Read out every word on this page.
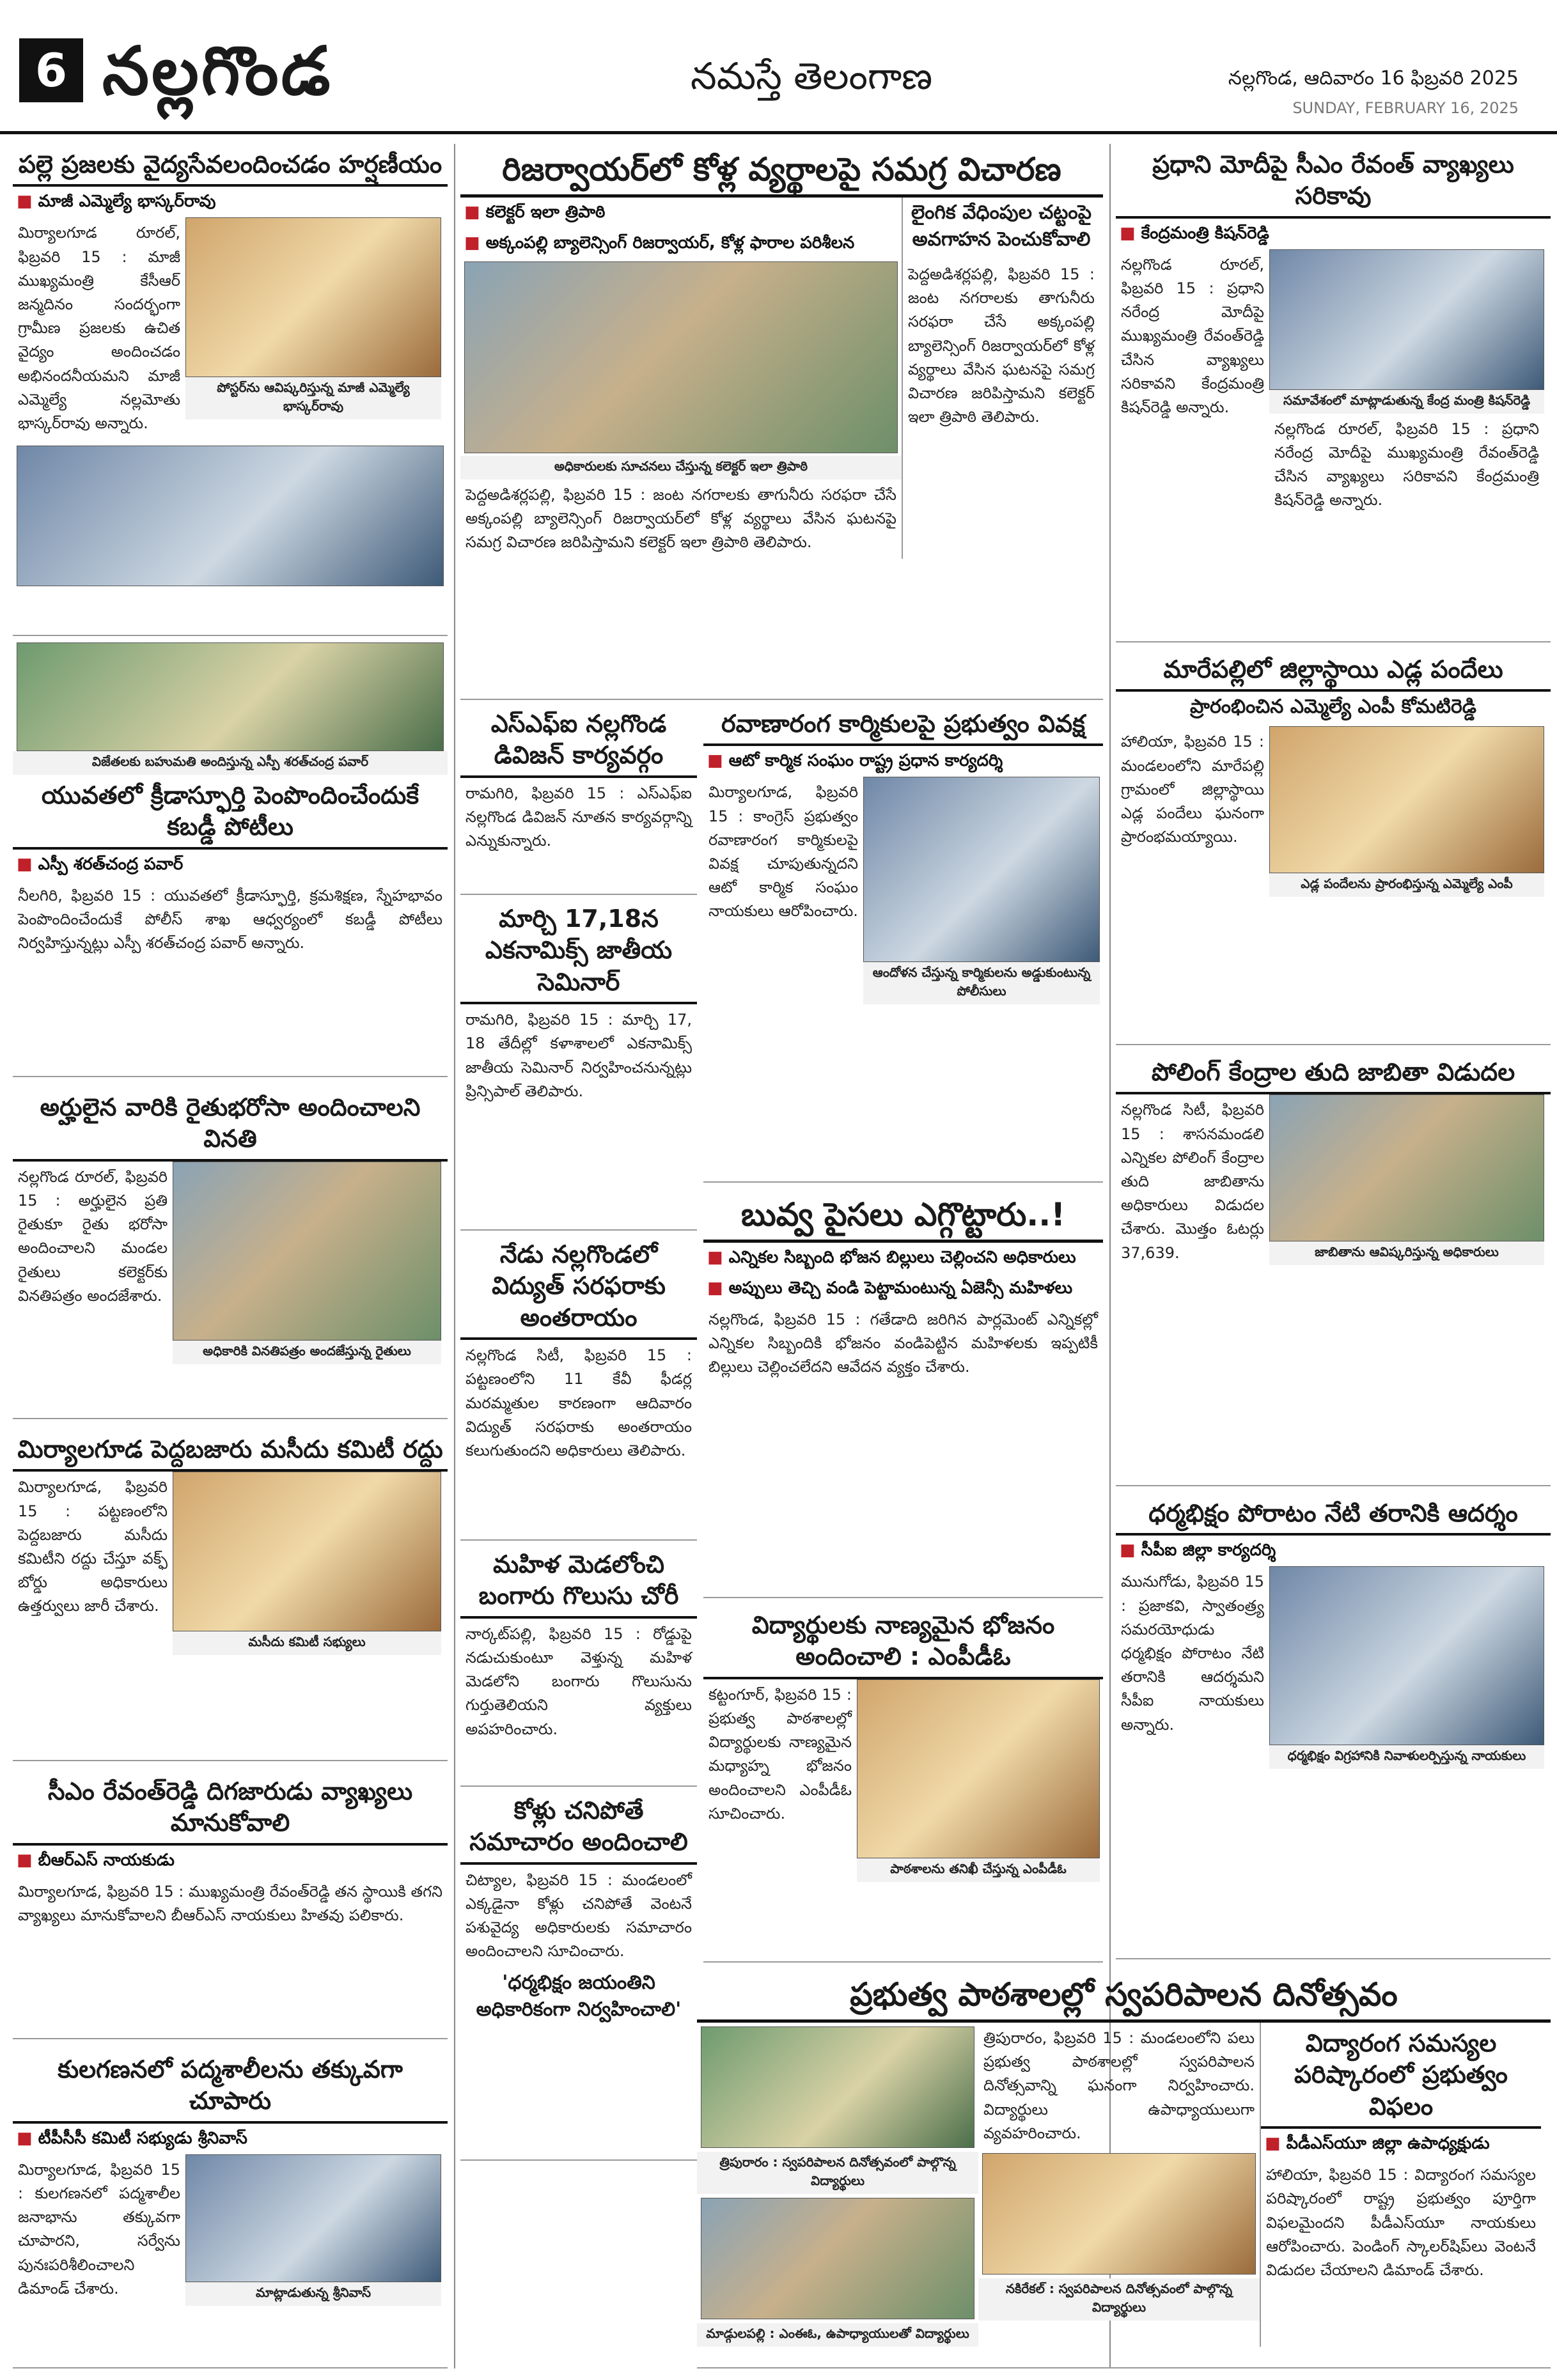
6 నల్లగొండ	నమస్తే తెలంగాణ	నల్లగొండ, ఆదివారం 16 ఫిబ్రవరి 2025
SUNDAY, FEBRUARY 16, 2025
పల్లె ప్రజలకు వైద్యసేవలందించడం హర్షణీయం
■ మాజీ ఎమ్మెల్యే భాస్కర్‌రావు
మిర్యాలగూడ రూరల్, ఫిబ్రవరి 15 : మాజీ ముఖ్యమంత్రి కేసీఆర్ జన్మదినం సందర్భంగా గ్రామీణ ప్రజలకు ఉచిత వైద్యం అందించడం అభినందనీయమని మాజీ ఎమ్మెల్యే నల్లమోతు భాస్కర్‌రావు అన్నారు.
పోస్టర్‌ను ఆవిష్కరిస్తున్న మాజీ ఎమ్మెల్యే భాస్కర్‌రావు
విజేతలకు బహుమతి అందిస్తున్న ఎస్పీ శరత్‌చంద్ర పవార్
యువతలో క్రీడాస్ఫూర్తి పెంపొందించేందుకే కబడ్డీ పోటీలు
■ ఎస్పీ శరత్‌చంద్ర పవార్
నీలగిరి, ఫిబ్రవరి 15 : యువతలో క్రీడాస్ఫూర్తి, క్రమశిక్షణ, స్నేహభావం పెంపొందించేందుకే పోలీస్ శాఖ ఆధ్వర్యంలో కబడ్డీ పోటీలు నిర్వహిస్తున్నట్లు ఎస్పీ శరత్‌చంద్ర పవార్ అన్నారు.
అర్హులైన వారికి రైతుభరోసా అందించాలని వినతి
నల్లగొండ రూరల్, ఫిబ్రవరి 15 : అర్హులైన ప్రతి రైతుకూ రైతు భరోసా అందించాలని మండల రైతులు కలెక్టర్‌కు వినతిపత్రం అందజేశారు.
అధికారికి వినతిపత్రం అందజేస్తున్న రైతులు
మిర్యాలగూడ పెద్దబజారు మసీదు కమిటీ రద్దు
మిర్యాలగూడ, ఫిబ్రవరి 15 : పట్టణంలోని పెద్దబజారు మసీదు కమిటీని రద్దు చేస్తూ వక్ఫ్ బోర్డు అధికారులు ఉత్తర్వులు జారీ చేశారు.
మసీదు కమిటీ సభ్యులు
సీఎం రేవంత్‌రెడ్డి దిగజారుడు వ్యాఖ్యలు మానుకోవాలి
■ బీఆర్‌ఎస్ నాయకుడు
మిర్యాలగూడ, ఫిబ్రవరి 15 : ముఖ్యమంత్రి రేవంత్‌రెడ్డి తన స్థాయికి తగని వ్యాఖ్యలు మానుకోవాలని బీఆర్‌ఎస్ నాయకులు హితవు పలికారు.
కులగణనలో పద్మశాలీలను తక్కువగా చూపారు
■ టీపీసీసీ కమిటీ సభ్యుడు శ్రీనివాస్
మిర్యాలగూడ, ఫిబ్రవరి 15 : కులగణనలో పద్మశాలీల జనాభాను తక్కువగా చూపారని, సర్వేను పునఃపరిశీలించాలని డిమాండ్ చేశారు.	మాట్లాడుతున్న శ్రీనివాస్
రిజర్వాయర్‌లో కోళ్ల వ్యర్థాలపై సమగ్ర విచారణ
■ కలెక్టర్ ఇలా త్రిపాఠి
■ అక్కంపల్లి బ్యాలెన్సింగ్ రిజర్వాయర్, కోళ్ల ఫారాల పరిశీలన
అధికారులకు సూచనలు చేస్తున్న కలెక్టర్ ఇలా త్రిపాఠి
పెద్దఅడిశర్లపల్లి, ఫిబ్రవరి 15 : జంట నగరాలకు తాగునీరు సరఫరా చేసే అక్కంపల్లి బ్యాలెన్సింగ్ రిజర్వాయర్‌లో కోళ్ల వ్యర్థాలు వేసిన ఘటనపై సమగ్ర విచారణ జరిపిస్తామని కలెక్టర్ ఇలా త్రిపాఠి తెలిపారు.
లైంగిక వేధింపుల చట్టంపై అవగాహన పెంచుకోవాలి
పెద్దఅడిశర్లపల్లి, ఫిబ్రవరి 15 : జంట నగరాలకు తాగునీరు సరఫరా చేసే అక్కంపల్లి బ్యాలెన్సింగ్ రిజర్వాయర్‌లో కోళ్ల వ్యర్థాలు వేసిన ఘటనపై సమగ్ర విచారణ జరిపిస్తామని కలెక్టర్ ఇలా త్రిపాఠి తెలిపారు.
ఎస్‌ఎఫ్‌ఐ నల్లగొండ డివిజన్ కార్యవర్గం
రామగిరి, ఫిబ్రవరి 15 : ఎస్‌ఎఫ్‌ఐ నల్లగొండ డివిజన్ నూతన కార్యవర్గాన్ని ఎన్నుకున్నారు.
మార్చి 17,18న ఎకనామిక్స్ జాతీయ సెమినార్
రామగిరి, ఫిబ్రవరి 15 : మార్చి 17, 18 తేదీల్లో కళాశాలలో ఎకనామిక్స్ జాతీయ సెమినార్ నిర్వహించనున్నట్లు ప్రిన్సిపాల్ తెలిపారు.
నేడు నల్లగొండలో విద్యుత్ సరఫరాకు అంతరాయం
నల్లగొండ సిటీ, ఫిబ్రవరి 15 : పట్టణంలోని 11 కేవీ ఫీడర్ల మరమ్మతుల కారణంగా ఆదివారం విద్యుత్ సరఫరాకు అంతరాయం కలుగుతుందని అధికారులు తెలిపారు.
మహిళ మెడలోంచి బంగారు గొలుసు చోరీ
నార్కట్‌పల్లి, ఫిబ్రవరి 15 : రోడ్డుపై నడుచుకుంటూ వెళ్తున్న మహిళ మెడలోని బంగారు గొలుసును గుర్తుతెలియని వ్యక్తులు అపహరించారు.
కోళ్లు చనిపోతే సమాచారం అందించాలి
చిట్యాల, ఫిబ్రవరి 15 : మండలంలో ఎక్కడైనా కోళ్లు చనిపోతే వెంటనే పశువైద్య అధికారులకు సమాచారం అందించాలని సూచించారు.
'ధర్మభిక్షం జయంతిని అధికారికంగా నిర్వహించాలి'
రవాణారంగ కార్మికులపై ప్రభుత్వం వివక్ష
■ ఆటో కార్మిక సంఘం రాష్ట్ర ప్రధాన కార్యదర్శి
మిర్యాలగూడ, ఫిబ్రవరి 15 : కాంగ్రెస్ ప్రభుత్వం రవాణారంగ కార్మికులపై వివక్ష చూపుతున్నదని ఆటో కార్మిక సంఘం నాయకులు ఆరోపించారు.
ఆందోళన చేస్తున్న కార్మికులను అడ్డుకుంటున్న పోలీసులు
బువ్వ పైసలు ఎగ్గొట్టారు..!
■ ఎన్నికల సిబ్బంది భోజన బిల్లులు చెల్లించని అధికారులు
■ అప్పులు తెచ్చి వండి పెట్టామంటున్న ఏజెన్సీ మహిళలు
నల్లగొండ, ఫిబ్రవరి 15 : గతేడాది జరిగిన పార్లమెంట్ ఎన్నికల్లో ఎన్నికల సిబ్బందికి భోజనం వండిపెట్టిన మహిళలకు ఇప్పటికీ బిల్లులు చెల్లించలేదని ఆవేదన వ్యక్తం చేశారు.
విద్యార్థులకు నాణ్యమైన భోజనం అందించాలి : ఎంపీడీఓ
కట్టంగూర్, ఫిబ్రవరి 15 : ప్రభుత్వ పాఠశాలల్లో విద్యార్థులకు నాణ్యమైన మధ్యాహ్న భోజనం అందించాలని ఎంపీడీఓ సూచించారు.
పాఠశాలను తనిఖీ చేస్తున్న ఎంపీడీఓ
ప్రభుత్వ పాఠశాలల్లో స్వపరిపాలన దినోత్సవం
త్రిపురారం : స్వపరిపాలన దినోత్సవంలో పాల్గొన్న విద్యార్థులు
మాడ్గులపల్లి : ఎంఈఓ, ఉపాధ్యాయులతో విద్యార్థులు
త్రిపురారం, ఫిబ్రవరి 15 : మండలంలోని పలు ప్రభుత్వ పాఠశాలల్లో స్వపరిపాలన దినోత్సవాన్ని ఘనంగా నిర్వహించారు. విద్యార్థులు ఉపాధ్యాయులుగా వ్యవహరించారు.
నకిరేకల్ : స్వపరిపాలన దినోత్సవంలో పాల్గొన్న విద్యార్థులు
విద్యారంగ సమస్యల పరిష్కారంలో ప్రభుత్వం విఫలం
■ పీడీఎస్‌యూ జిల్లా ఉపాధ్యక్షుడు
హాలియా, ఫిబ్రవరి 15 : విద్యారంగ సమస్యల పరిష్కారంలో రాష్ట్ర ప్రభుత్వం పూర్తిగా విఫలమైందని పీడీఎస్‌యూ నాయకులు ఆరోపించారు. పెండింగ్ స్కాలర్‌షిప్‌లు వెంటనే విడుదల చేయాలని డిమాండ్ చేశారు.
ప్రధాని మోదీపై సీఎం రేవంత్ వ్యాఖ్యలు సరికావు
■ కేంద్రమంత్రి కిషన్‌రెడ్డి
నల్లగొండ రూరల్, ఫిబ్రవరి 15 : ప్రధాని నరేంద్ర మోదీపై ముఖ్యమంత్రి రేవంత్‌రెడ్డి చేసిన వ్యాఖ్యలు సరికావని కేంద్రమంత్రి కిషన్‌రెడ్డి అన్నారు.	సమావేశంలో మాట్లాడుతున్న కేంద్ర మంత్రి కిషన్‌రెడ్డి
నల్లగొండ రూరల్, ఫిబ్రవరి 15 : ప్రధాని నరేంద్ర మోదీపై ముఖ్యమంత్రి రేవంత్‌రెడ్డి చేసిన వ్యాఖ్యలు సరికావని కేంద్రమంత్రి కిషన్‌రెడ్డి అన్నారు.
మారేపల్లిలో జిల్లాస్థాయి ఎడ్ల పందేలు
ప్రారంభించిన ఎమ్మెల్యే ఎంపీ కోమటిరెడ్డి
హాలియా, ఫిబ్రవరి 15 : మండలంలోని మారేపల్లి గ్రామంలో జిల్లాస్థాయి ఎడ్ల పందేలు ఘనంగా ప్రారంభమయ్యాయి.
ఎడ్ల పందేలను ప్రారంభిస్తున్న ఎమ్మెల్యే ఎంపీ
పోలింగ్ కేంద్రాల తుది జాబితా విడుదల
నల్లగొండ సిటీ, ఫిబ్రవరి 15 : శాసనమండలి ఎన్నికల పోలింగ్ కేంద్రాల తుది జాబితాను అధికారులు విడుదల చేశారు. మొత్తం ఓటర్లు 37,639.	జాబితాను ఆవిష్కరిస్తున్న అధికారులు
ధర్మభిక్షం పోరాటం నేటి తరానికి ఆదర్శం
■ సీపీఐ జిల్లా కార్యదర్శి
మునుగోడు, ఫిబ్రవరి 15 : ప్రజాకవి, స్వాతంత్ర్య సమరయోధుడు ధర్మభిక్షం పోరాటం నేటి తరానికి ఆదర్శమని సీపీఐ నాయకులు అన్నారు.
ధర్మభిక్షం విగ్రహానికి నివాళులర్పిస్తున్న నాయకులు
